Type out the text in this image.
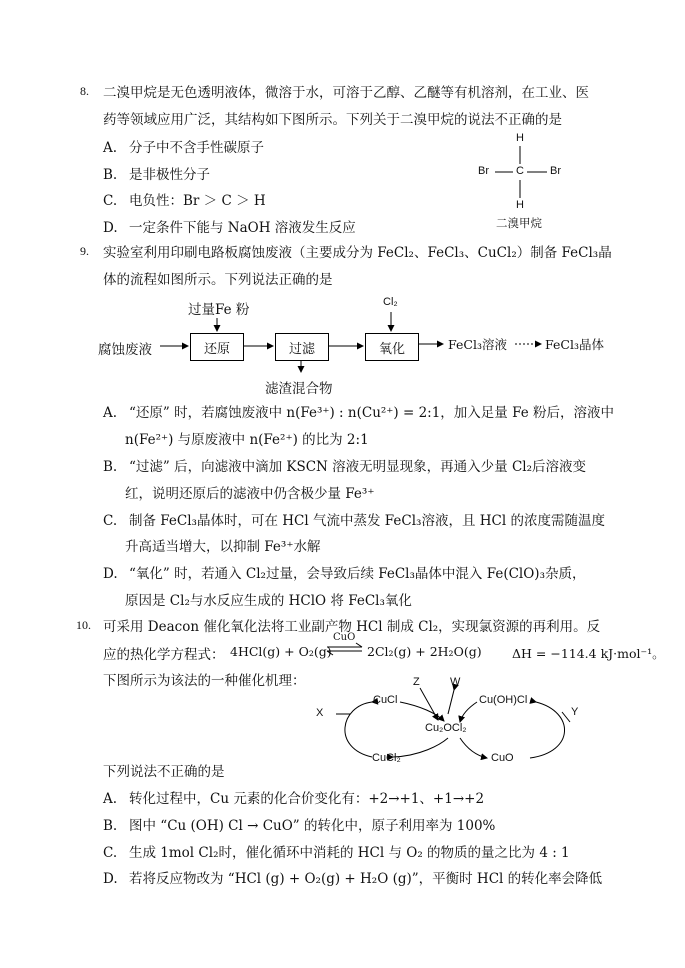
8. 二溴甲烷是无色透明液体，微溶于水，可溶于乙醇、乙醚等有机溶剂，在工业、医
药等领域应用广泛，其结构如下图所示。下列关于二溴甲烷的说法不正确的是
A. 分子中不含手性碳原子
B. 是非极性分子
C. 电负性：Br ＞ C ＞ H
D. 一定条件下能与 NaOH 溶液发生反应
H
H
Br	Br
C
二溴甲烷
9. 实验室利用印刷电路板腐蚀废液（主要成分为 FeCl₂、FeCl₃、CuCl₂）制备 FeCl₃晶
体的流程如图所示。下列说法正确的是
腐蚀废液
过量Fe 粉
还原	过滤
滤渣混合物
Cl₂
氧化	FeCl₃溶液	FeCl₃晶体
A. “还原” 时，若腐蚀废液中 n(Fe³⁺) : n(Cu²⁺) = 2:1，加入足量 Fe 粉后，溶液中
n(Fe²⁺) 与原废液中 n(Fe²⁺) 的比为 2:1
B. “过滤” 后，向滤液中滴加 KSCN 溶液无明显现象，再通入少量 Cl₂后溶液变
红，说明还原后的滤液中仍含极少量 Fe³⁺
C. 制备 FeCl₃晶体时，可在 HCl 气流中蒸发 FeCl₃溶液，且 HCl 的浓度需随温度
升高适当增大，以抑制 Fe³⁺水解
D. “氧化” 时，若通入 Cl₂过量，会导致后续 FeCl₃晶体中混入 Fe(ClO)₃杂质，
原因是 Cl₂与水反应生成的 HClO 将 FeCl₃氧化
10. 可采用 Deacon 催化氧化法将工业副产物 HCl 制成 Cl₂，实现氯资源的再利用。反
应的热化学方程式： 4HCl(g) + O₂(g)
CuO
2Cl₂(g) + 2H₂O(g) ΔH = −114.4 kJ·mol⁻¹。
下图所示为该法的一种催化机理：
CuCl
Cu₂OCl₂
Cu(OH)Cl
CuO
CuCl₂
X	Y
Z	W
下列说法不正确的是
A. 转化过程中，Cu 元素的化合价变化有：+2→+1、+1→+2
B. 图中 “Cu (OH) Cl → CuO” 的转化中，原子利用率为 100%
C. 生成 1mol Cl₂时，催化循环中消耗的 HCl 与 O₂ 的物质的量之比为 4 : 1
D. 若将反应物改为 “HCl (g) + O₂(g) + H₂O (g)”，平衡时 HCl 的转化率会降低
